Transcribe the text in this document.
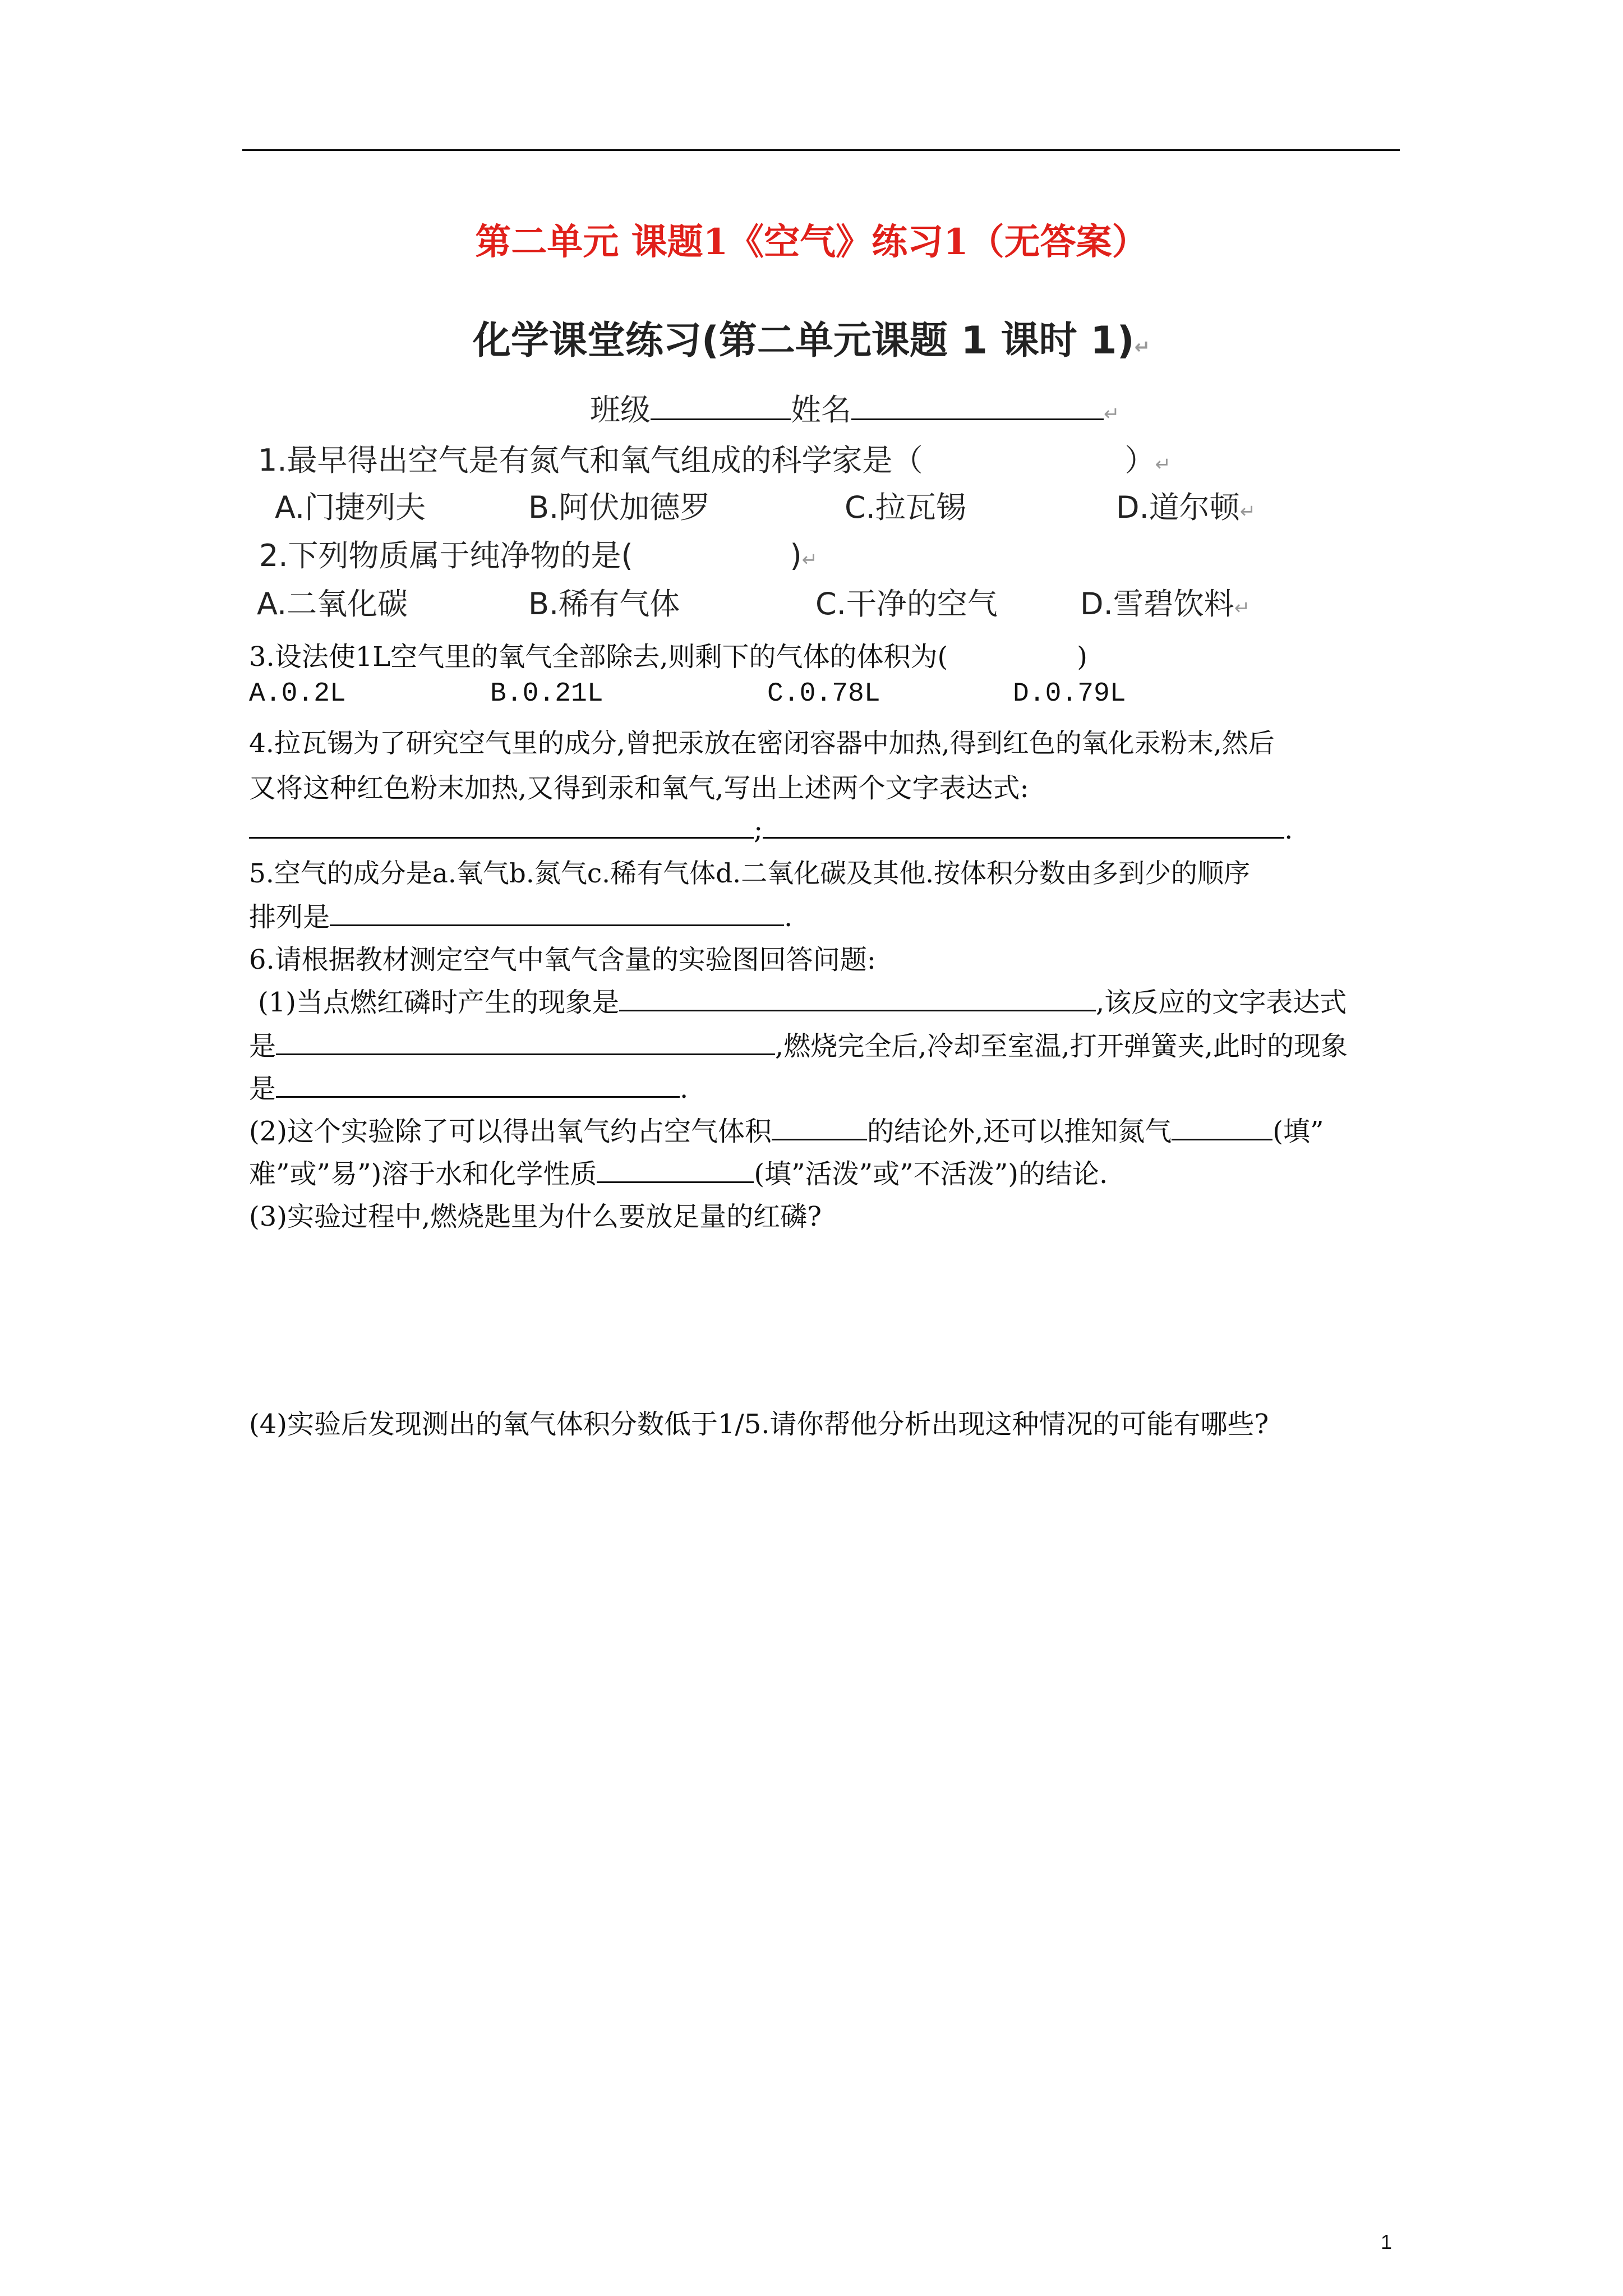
第二单元 课题1《空气》练习1（无答案）
化学课堂练习(第二单元课题 1 课时 1)↵
班级	姓名	↵
1.最早得出空气是有氮气和氧气组成的科学家是（	）↵
A.门捷列夫	B.阿伏加德罗	C.拉瓦锡	D.道尔顿↵
2.下列物质属于纯净物的是(	)↵
A.二氧化碳	B.稀有气体	C.干净的空气	D.雪碧饮料↵
3.设法使1L空气里的氧气全部除去,则剩下的气体的体积为(	)
A.0.2L	B.0.21L	C.0.78L	D.0.79L
4.拉瓦锡为了研究空气里的成分,曾把汞放在密闭容器中加热,得到红色的氧化汞粉末,然后
又将这种红色粉末加热,又得到汞和氧气,写出上述两个文字表达式:
;	.
5.空气的成分是a.氧气b.氮气c.稀有气体d.二氧化碳及其他.按体积分数由多到少的顺序
排列是	.
6.请根据教材测定空气中氧气含量的实验图回答问题:
(1)当点燃红磷时产生的现象是	,该反应的文字表达式
是	,燃烧完全后,冷却至室温,打开弹簧夹,此时的现象
是	.
(2)这个实验除了可以得出氧气约占空气体积	的结论外,还可以推知氮气	(填”
难”或”易”)溶于水和化学性质	(填”活泼”或”不活泼”)的结论.
(3)实验过程中,燃烧匙里为什么要放足量的红磷?
(4)实验后发现测出的氧气体积分数低于1/5.请你帮他分析出现这种情况的可能有哪些?
1
